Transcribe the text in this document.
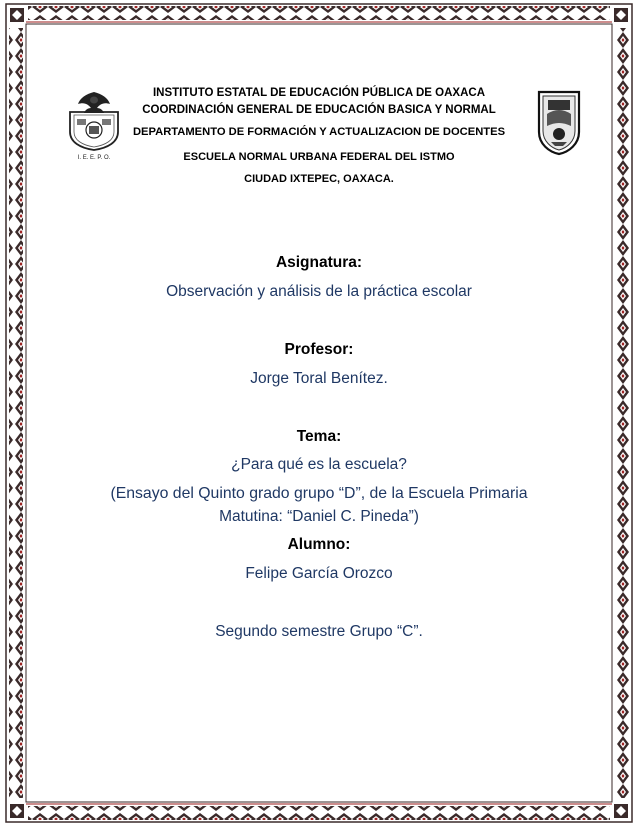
I. E. E. P. O.
INSTITUTO ESTATAL DE EDUCACIÓN PÚBLICA DE OAXACA
COORDINACIÓN GENERAL DE EDUCACIÓN BASICA Y NORMAL
DEPARTAMENTO DE FORMACIÓN Y ACTUALIZACION DE DOCENTES
ESCUELA NORMAL URBANA FEDERAL DEL ISTMO
CIUDAD IXTEPEC, OAXACA.
Asignatura:
Observación y análisis de la práctica escolar
Profesor:
Jorge Toral Benítez.
Tema:
¿Para qué es la escuela?
(Ensayo del Quinto grado grupo “D”, de la Escuela Primaria
Matutina: “Daniel C. Pineda”)
Alumno:
Felipe García Orozco
Segundo semestre Grupo “C”.
